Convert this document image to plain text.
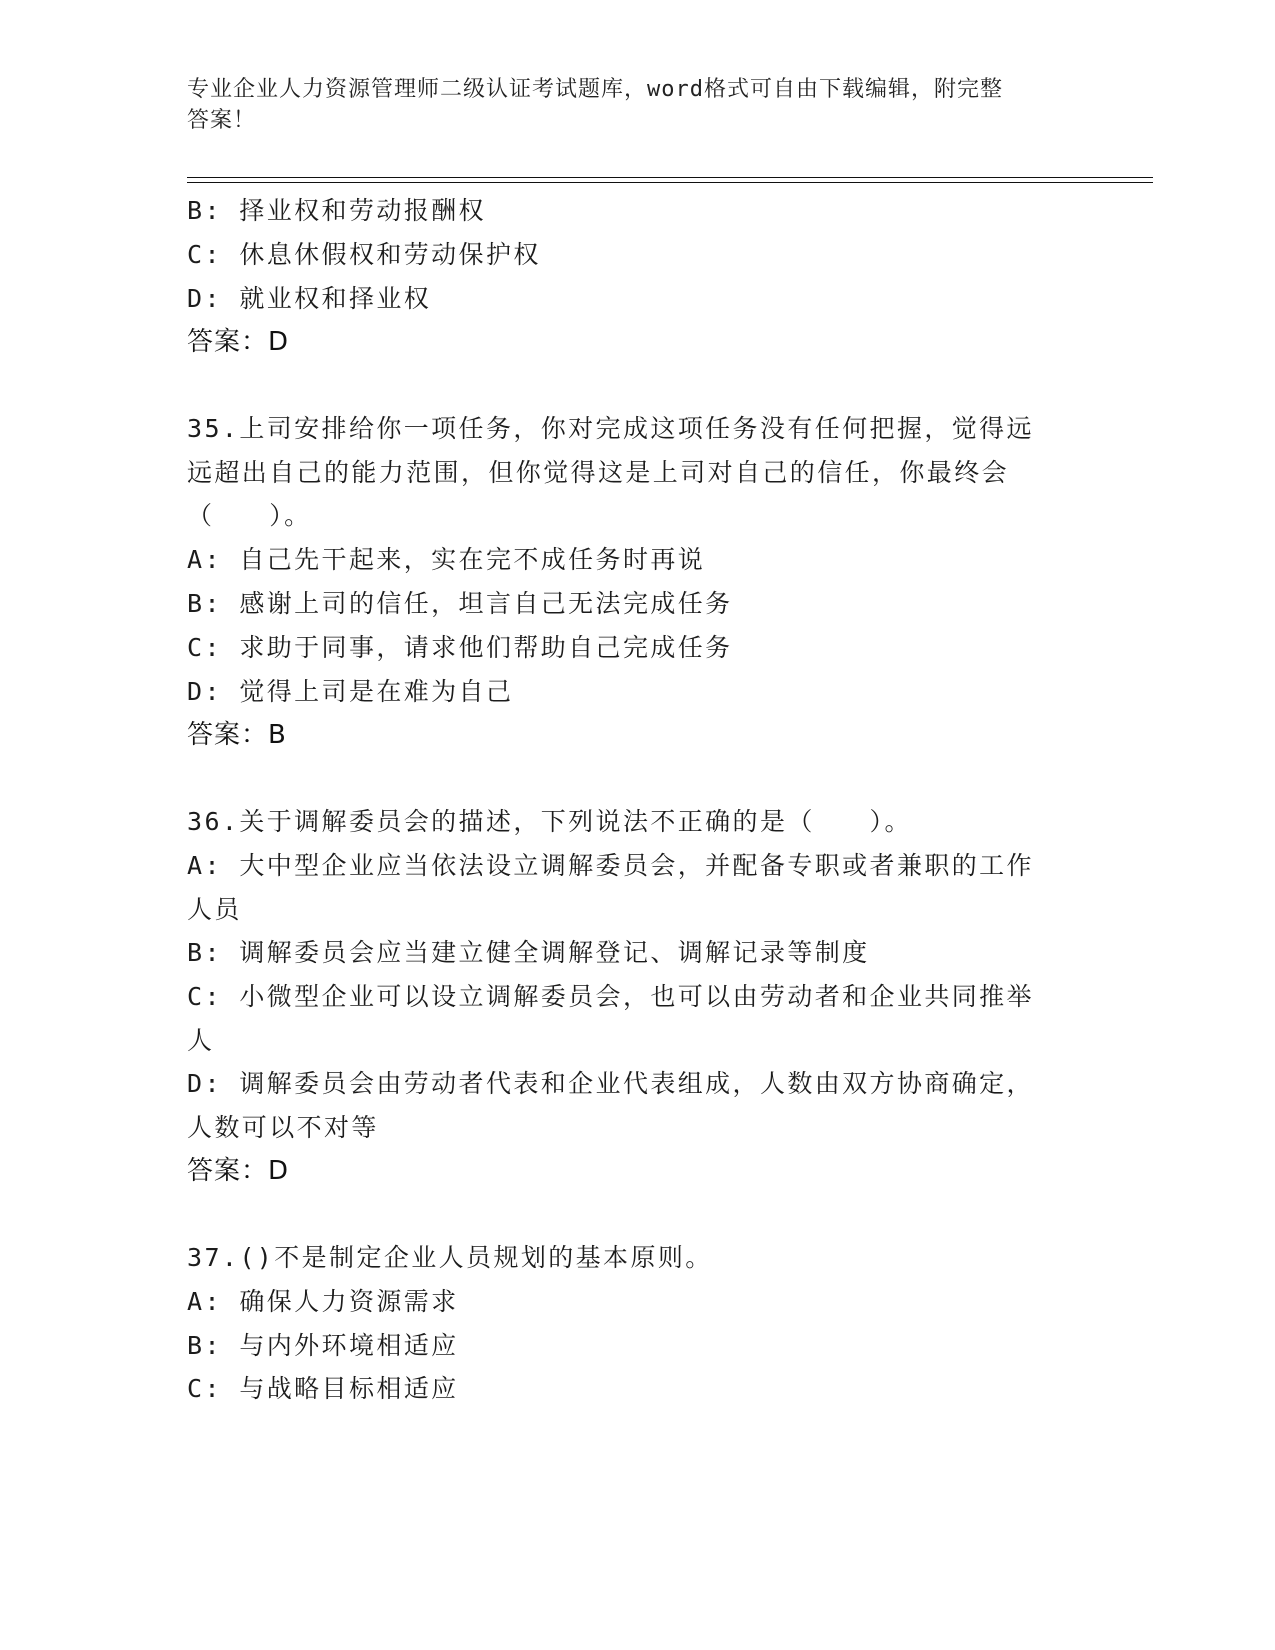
专业企业人力资源管理师二级认证考试题库，word格式可自由下载编辑，附完整
答案！
B: 择业权和劳动报酬权
C: 休息休假权和劳动保护权
D: 就业权和择业权
答案：D
35.上司安排给你一项任务，你对完成这项任务没有任何把握，觉得远
远超出自己的能力范围，但你觉得这是上司对自己的信任，你最终会
（　　）。
A: 自己先干起来，实在完不成任务时再说
B: 感谢上司的信任，坦言自己无法完成任务
C: 求助于同事，请求他们帮助自己完成任务
D: 觉得上司是在难为自己
答案：B
36.关于调解委员会的描述，下列说法不正确的是（　　）。
A: 大中型企业应当依法设立调解委员会，并配备专职或者兼职的工作
人员
B: 调解委员会应当建立健全调解登记、调解记录等制度
C: 小微型企业可以设立调解委员会，也可以由劳动者和企业共同推举
人
D: 调解委员会由劳动者代表和企业代表组成，人数由双方协商确定，
人数可以不对等
答案：D
37.()不是制定企业人员规划的基本原则。
A: 确保人力资源需求
B: 与内外环境相适应
C: 与战略目标相适应
